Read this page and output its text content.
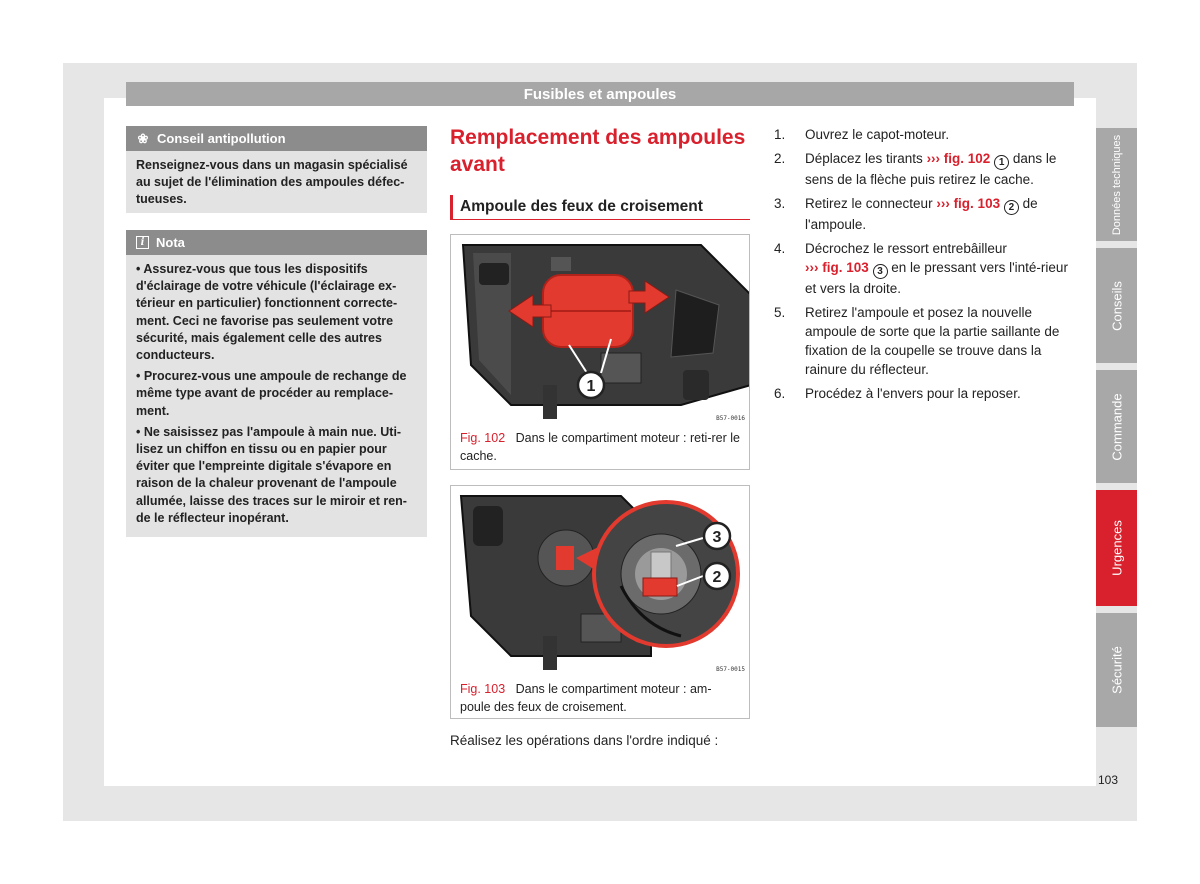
Fusibles et ampoules
❀ Conseil antipollution

Renseignez-vous dans un magasin spécialisé au sujet de l'élimination des ampoules défec-tueuses.

i Nota

• Assurez-vous que tous les dispositifs d'éclairage de votre véhicule (l'éclairage ex-térieur en particulier) fonctionnent correcte-ment. Ceci ne favorise pas seulement votre sécurité, mais également celle des autres conducteurs.

• Procurez-vous une ampoule de rechange de même type avant de procéder au remplace-ment.

• Ne saisissez pas l'ampoule à main nue. Uti-lisez un chiffon en tissu ou en papier pour éviter que l'empreinte digitale s'évapore en raison de la chaleur provenant de l'ampoule allumée, laisse des traces sur le miroir et ren-de le réflecteur inopérant.

Remplacement des ampoules avant
Ampoule des feux de croisement
1
B57-0016
Fig. 102 Dans le compartiment moteur : reti-rer le cache.
3
2
B57-0015
Fig. 103 Dans le compartiment moteur : am-poule des feux de croisement.
Réalisez les opérations dans l'ordre indiqué :
1.	Ouvrez le capot-moteur.
2.	Déplacez les tirants ››› fig. 102 1 dans le sens de la flèche puis retirez le cache.
3.	Retirez le connecteur ››› fig. 103 2 de l'ampoule.
4.	Décrochez le ressort entrebâilleur
››› fig. 103 3 en le pressant vers l'inté-rieur et vers la droite.
5.	Retirez l'ampoule et posez la nouvelle ampoule de sorte que la partie saillante de fixation de la coupelle se trouve dans la rainure du réflecteur.
6.	Procédez à l'envers pour la reposer.
Données techniques
Conseils
Commande
Urgences
Sécurité
103
